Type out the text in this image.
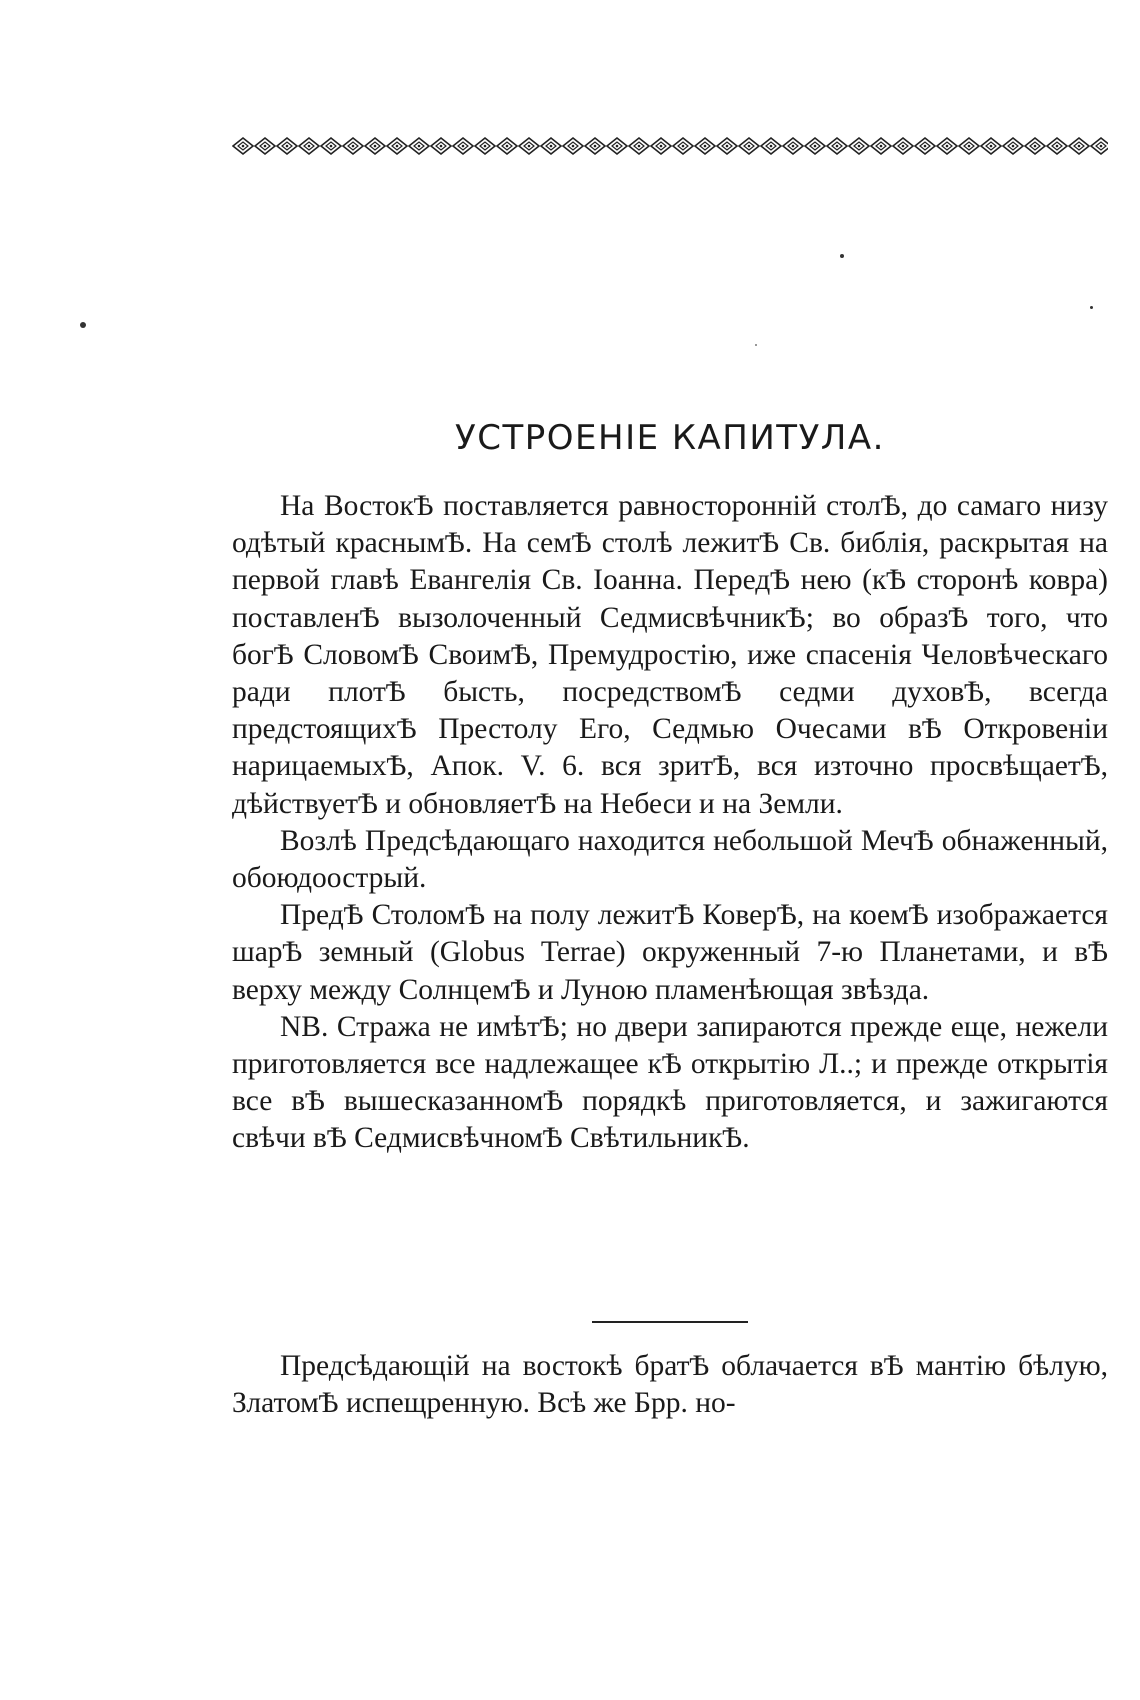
УСТРОЕНІЕ КАПИТУЛА.

На ВостокѢ поставляется равносторонній столѢ, до самаго низу одѣтый краснымѢ. На семѢ столѣ лежитѢ Св. библія, раскрытая на первой главѣ Евангелія Св. Іоанна. ПередѢ нею (кѢ сторонѣ ковра) поставленѢ вызолоченный СедмисвѣчникѢ; во образѢ того, что богѢ СловомѢ СвоимѢ, Премудростію, иже спасенія Человѣческаго ради плотѢ бысть, посредствомѢ седми духовѢ, всегда предстоящихѢ Престолу Его, Седмью Очесами вѢ Откровеніи нарицаемыхѢ, Апок. V. 6. вся зритѢ, вся източно просвѣщаетѢ, дѣйствуетѢ и обновляетѢ на Небеси и на Земли.

Возлѣ Предсѣдающаго находится небольшой МечѢ обнаженный, обоюдоострый.

ПредѢ СтоломѢ на полу лежитѢ КоверѢ, на коемѢ изображается шарѢ земный (Globus Terrae) окруженный 7-ю Планетами, и вѢ верху между СолнцемѢ и Луною пламенѣющая звѣзда.

NB. Стража не имѣтѢ; но двери запираются прежде еще, нежели приготовляется все надлежащее кѢ открытію Л..; и прежде открытія все вѢ вышесказанномѢ порядкѣ приготовляется, и зажигаются свѣчи вѢ СедмисвѣчномѢ СвѣтильникѢ.

Предсѣдающій на востокѣ братѢ облачается вѢ мантію бѣлую, ЗлатомѢ испещренную. Всѣ же Брр. но-
